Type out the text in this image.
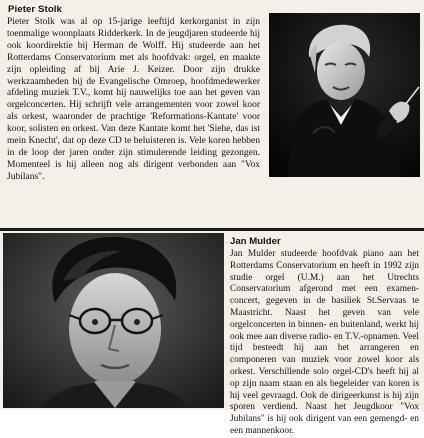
Pieter Stolk

Pieter Stolk was al op 15-jarige leeftijd kerkorganist in zijn toenmalige woonplaats Ridderkerk. In de jeugdjaren studeerde hij ook koordirektie bij Herman de Wolff. Hij studeerde aan het Rotterdams Conservatorium met als hoofdvak: orgel, en maakte zijn opleiding af bij Arie J. Keizer. Door zijn drukke werkzaamheden bij de Evangelische Omroep, hoofdmedewerker afdeling muziek T.V., komt hij nauwelijks toe aan het geven van orgelconcerten. Hij schrijft vele arrangementen voor zowel koor als orkest, waaronder de prachtige 'Reformations-Kantate' voor koor, solisten en orkest. Van deze Kantate komt het 'Siehe, das ist mein Knecht', dat op deze CD te beluisteren is. Vele koren hebben in de loop der jaren onder zijn stimulerende leiding gezongen. Momenteel is hij alleen nog als dirigent verbonden aan "Vox Jubilans".

Jan Mulder

Jan Mulder studeerde hoofdvak piano aan het Rotterdams Conservatorium en heeft in 1992 zijn studie orgel (U.M.) aan het Utrechts Conservatorium afgerond met een examen-concert, gegeven in de basiliek St.Servaas te Maastricht. Naast het geven van vele orgelconcerten in binnen- en buitenland, werkt hij ook mee aan diverse radio- en T.V.-opnamen. Veel tijd besteedt hij aan het arrangeren en componeren van muziek voor zowel koor als orkest. Verschillende solo orgel-CD's heeft hij al op zijn naam staan en als begeleider van koren is hij veel gevraagd. Ook de dirigeerkunst is hij zijn sporen verdiend. Naast het Jeugdkoor "Vox Jubilans" is hij ook dirigent van een gemengd- en een mannenkoor.
